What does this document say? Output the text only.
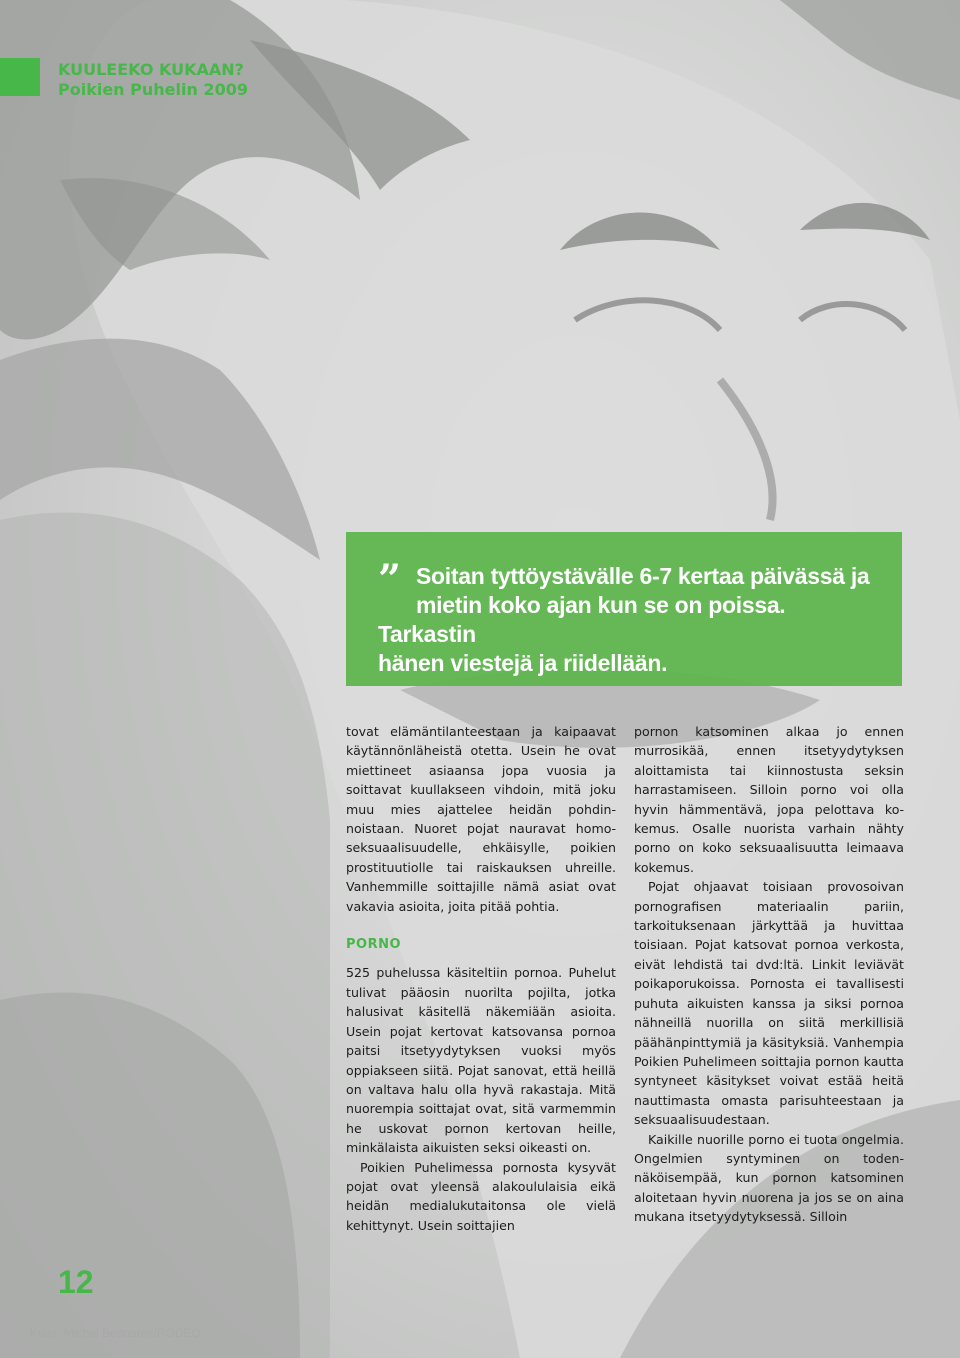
KUULEEKO KUKAAN?
Poikien Puhelin 2009
” Soitan tyttöystävälle 6-7 kertaa päivässä ja
mietin koko ajan kun se on poissa. Tarkastin
hänen viestejä ja riidellään.

tovat elämäntilanteestaan ja kaipaavat käytännönläheistä otetta. Usein he ovat miettineet asiaansa jopa vuosia ja soittavat kuullakseen vihdoin, mitä joku muu mies ajattelee heidän pohdinnoistaan. Nuoret pojat nauravat homoseksuaalisuudelle, ehkäisylle, poikien prostituutiolle tai raiskauksen uhreille. Vanhemmille soittajille nämä asiat ovat vakavia asioita, joita pitää pohtia.

PORNO

525 puhelussa käsiteltiin pornoa. Puhelut tulivat pääosin nuorilta pojilta, jotka halusivat käsitellä näkemiään asioita. Usein pojat kertovat katsovansa pornoa paitsi itsetyydytyksen vuoksi myös oppiakseen siitä. Pojat sanovat, että heillä on valtava halu olla hyvä rakastaja. Mitä nuorempia soittajat ovat, sitä varmemmin he uskovat pornon kertovan heille, minkälaista aikuisten seksi oikeasti on.

Poikien Puhelimessa pornosta kysyvät pojat ovat yleensä alakoululaisia eikä heidän medialukutaitonsa ole vielä kehittynyt. Usein soittajien

pornon katsominen alkaa jo ennen murrosikää, ennen itsetyydytyksen aloittamista tai kiinnostusta seksin harrastamiseen. Silloin porno voi olla hyvin hämmentävä, jopa pelottava kokemus. Osalle nuorista varhain nähty porno on koko seksuaalisuutta leimaava kokemus.

Pojat ohjaavat toisiaan provosoivan pornografisen materiaalin pariin, tarkoituksenaan järkyttää ja huvittaa toisiaan. Pojat katsovat pornoa verkosta, eivät lehdistä tai dvd:ltä. Linkit leviävät poikaporukoissa. Pornosta ei tavallisesti puhuta aikuisten kanssa ja siksi pornoa nähneillä nuorilla on siitä merkillisiä päähänpinttymiä ja käsityksiä. Vanhempia Poikien Puhelimeen soittajia pornon kautta syntyneet käsitykset voivat estää heitä nauttimasta omasta parisuhteestaan ja seksuaalisuudestaan.

Kaikille nuorille porno ei tuota ongelmia. Ongelmien syntyminen on todennäköisempää, kun pornon katsominen aloitetaan hyvin nuorena ja jos se on aina mukana itsetyydytyksessä. Silloin

12
Kuva: Michal Bednarek/RODEO
